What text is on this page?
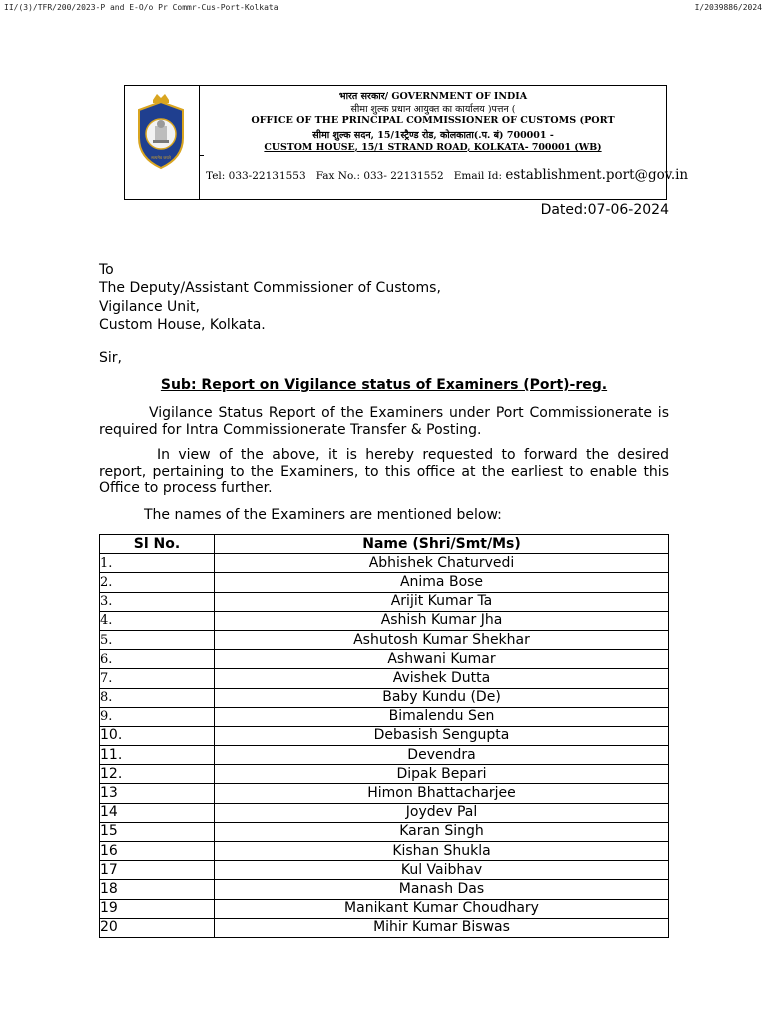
II/(3)/TFR/200/2023-P and E-O/o Pr Commr-Cus-Port-Kolkata	I/2039886/2024
सत्यमेव जयते
भारत सरकार/ GOVERNMENT OF INDIA
सीमा शुल्क प्रधान आयुक्त का कार्यालय )पत्तन (
OFFICE OF THE PRINCIPAL COMMISSIONER OF CUSTOMS (PORT
सीमा शुल्क सदन, 15/1स्ट्रैण्ड रोड, कोलकाता(.प. बं) 700001 -
CUSTOM HOUSE, 15/1 STRAND ROAD, KOLKATA- 700001 (WB)
Tel: 033-22131553 Fax No.: 033- 22131552 Email Id: establishment.port@gov.in
Dated:07-06-2024
To
The Deputy/Assistant Commissioner of Customs,
Vigilance Unit,
Custom House, Kolkata.
Sir,
Sub: Report on Vigilance status of Examiners (Port)-reg.
Vigilance Status Report of the Examiners under Port Commissionerate is required for Intra Commissionerate Transfer & Posting.
In view of the above, it is hereby requested to forward the desired report, pertaining to the Examiners, to this office at the earliest to enable this Office to process further.
The names of the Examiners are mentioned below:
Sl No.	Name (Shri/Smt/Ms)
1.	Abhishek Chaturvedi
2.	Anima Bose
3.	Arijit Kumar Ta
4.	Ashish Kumar Jha
5.	Ashutosh Kumar Shekhar
6.	Ashwani Kumar
7.	Avishek Dutta
8.	Baby Kundu (De)
9.	Bimalendu Sen
10.	Debasish Sengupta
11.	Devendra
12.	Dipak Bepari
13	Himon Bhattacharjee
14	Joydev Pal
15	Karan Singh
16	Kishan Shukla
17	Kul Vaibhav
18	Manash Das
19	Manikant Kumar Choudhary
20	Mihir Kumar Biswas
